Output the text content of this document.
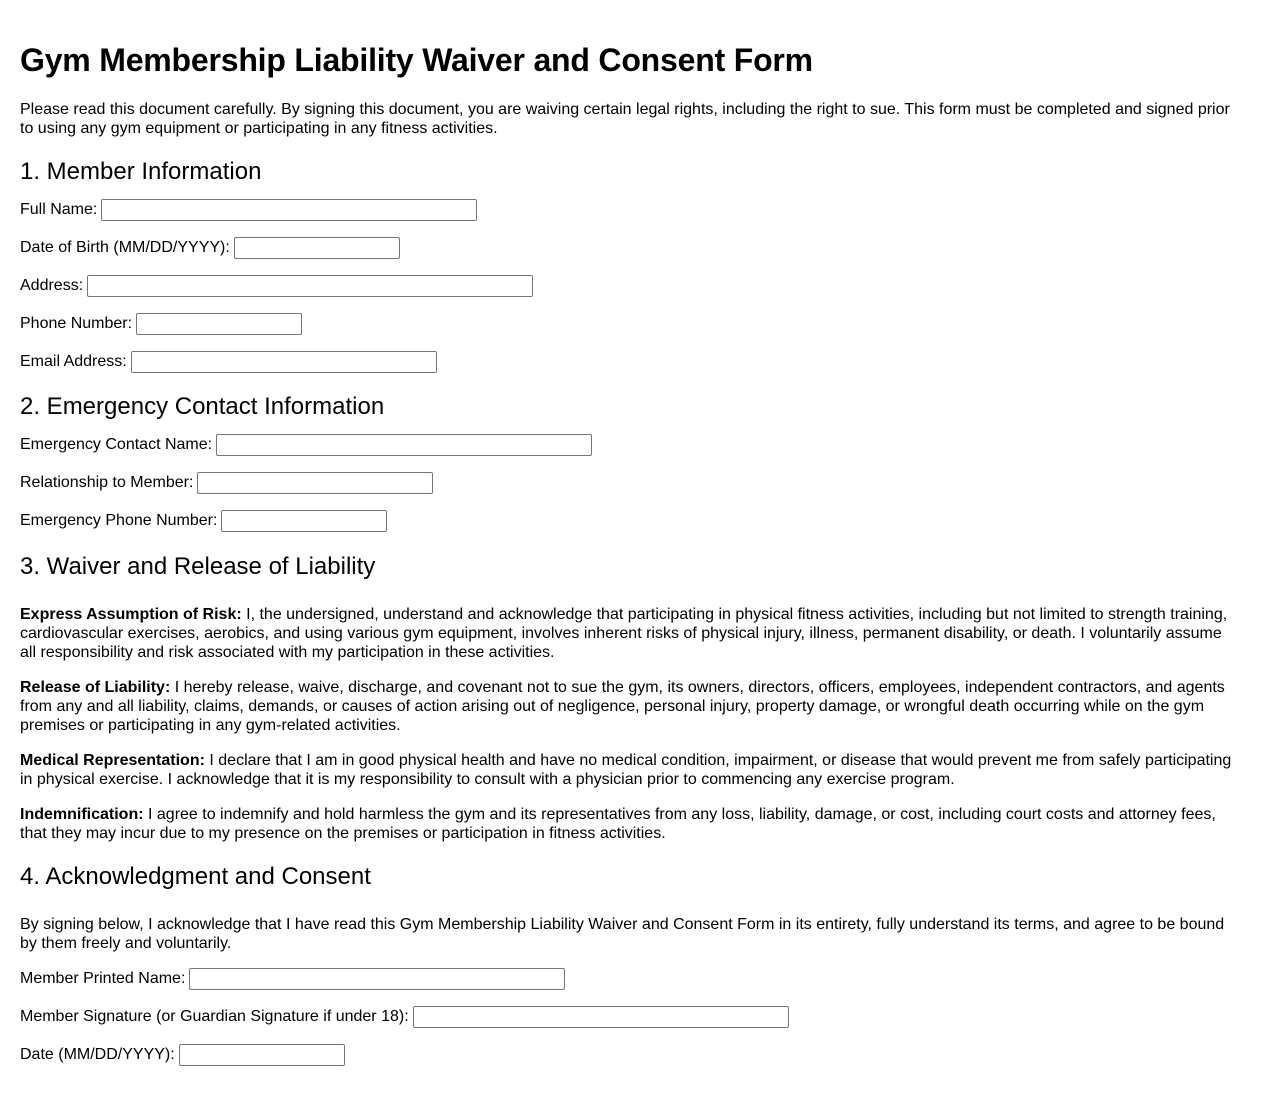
Gym Membership Liability Waiver and Consent Form

Please read this document carefully. By signing this document, you are waiving certain legal rights, including the right to sue. This form must be completed and signed prior to using any gym equipment or participating in any fitness activities.

1. Member Information
Full Name:
Date of Birth (MM/DD/YYYY):
Address:
Phone Number:
Email Address:
2. Emergency Contact Information
Emergency Contact Name:
Relationship to Member:
Emergency Phone Number:
3. Waiver and Release of Liability

Express Assumption of Risk: I, the undersigned, understand and acknowledge that participating in physical fitness activities, including but not limited to strength training, cardiovascular exercises, aerobics, and using various gym equipment, involves inherent risks of physical injury, illness, permanent disability, or death. I voluntarily assume all responsibility and risk associated with my participation in these activities.

Release of Liability: I hereby release, waive, discharge, and covenant not to sue the gym, its owners, directors, officers, employees, independent contractors, and agents from any and all liability, claims, demands, or causes of action arising out of negligence, personal injury, property damage, or wrongful death occurring while on the gym premises or participating in any gym-related activities.

Medical Representation: I declare that I am in good physical health and have no medical condition, impairment, or disease that would prevent me from safely participating in physical exercise. I acknowledge that it is my responsibility to consult with a physician prior to commencing any exercise program.

Indemnification: I agree to indemnify and hold harmless the gym and its representatives from any loss, liability, damage, or cost, including court costs and attorney fees, that they may incur due to my presence on the premises or participation in fitness activities.

4. Acknowledgment and Consent

By signing below, I acknowledge that I have read this Gym Membership Liability Waiver and Consent Form in its entirety, fully understand its terms, and agree to be bound by them freely and voluntarily.

Member Printed Name:
Member Signature (or Guardian Signature if under 18):
Date (MM/DD/YYYY):
